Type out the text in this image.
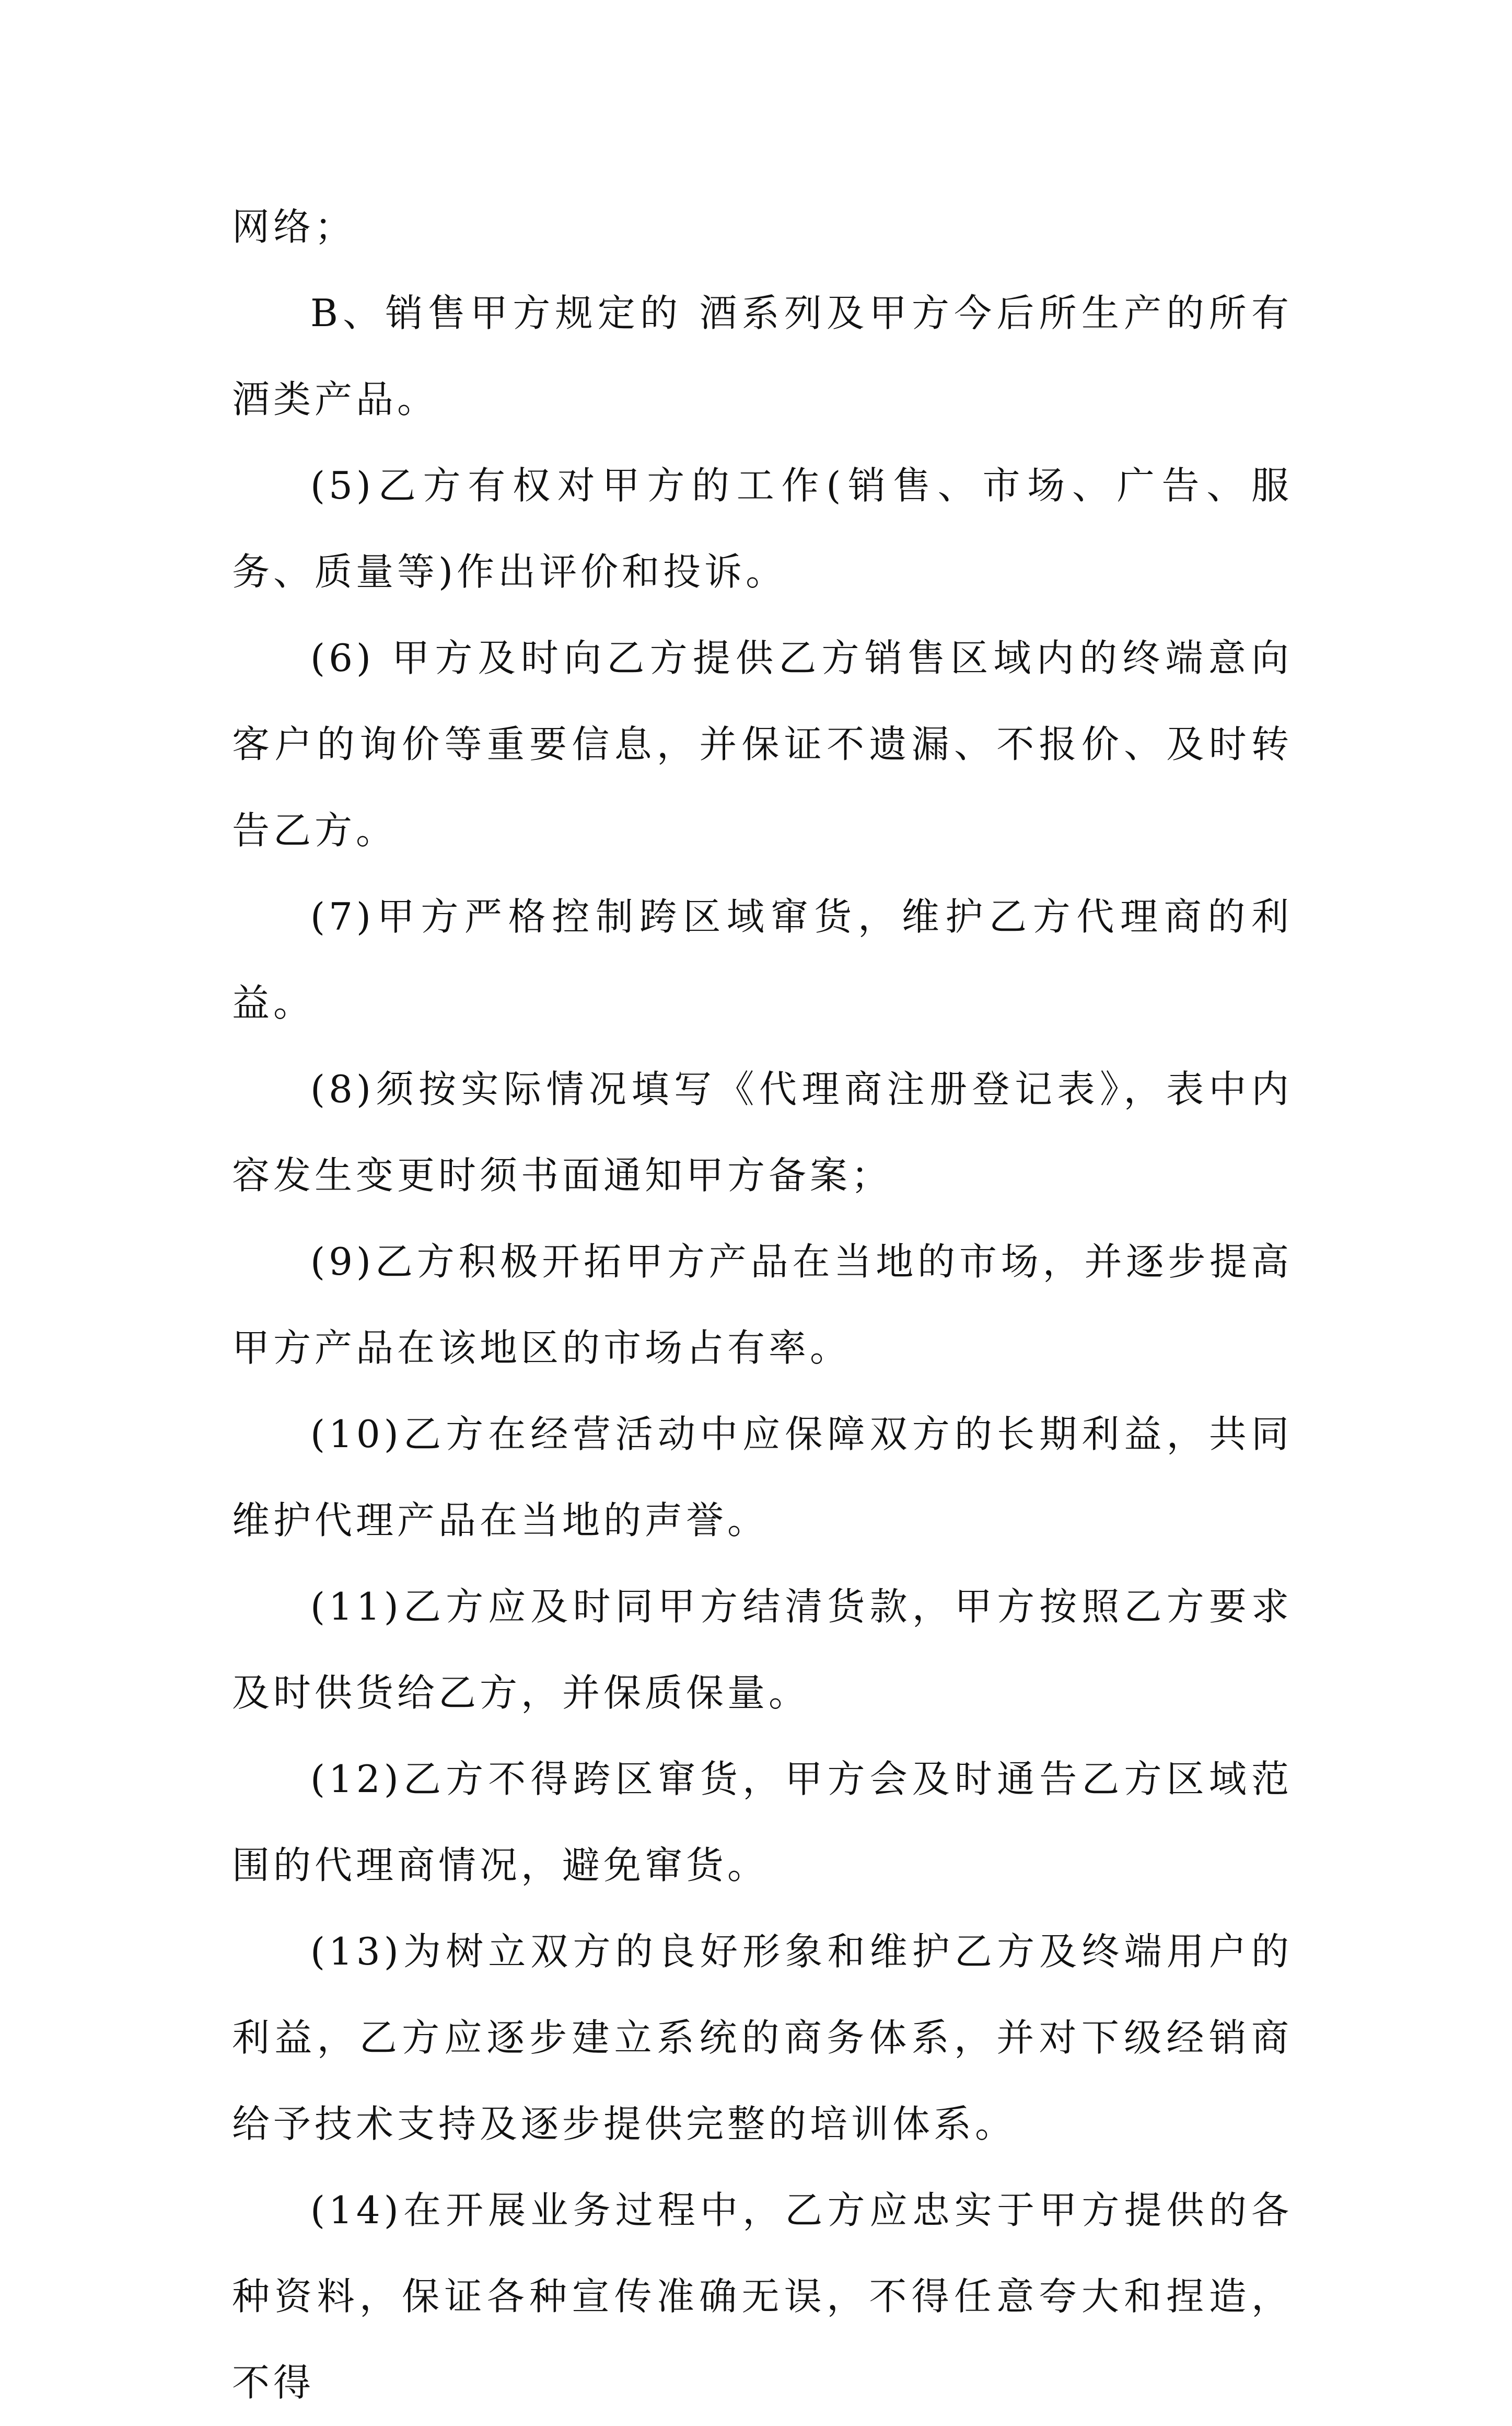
网络；

B、销售甲方规定的 酒系列及甲方今后所生产的所有酒类产品。

(5)乙方有权对甲方的工作(销售、市场、广告、服务、质量等)作出评价和投诉。

(6) 甲方及时向乙方提供乙方销售区域内的终端意向客户的询价等重要信息，并保证不遗漏、不报价、及时转告乙方。

(7)甲方严格控制跨区域窜货，维护乙方代理商的利益。

(8)须按实际情况填写《代理商注册登记表》，表中内容发生变更时须书面通知甲方备案；

(9)乙方积极开拓甲方产品在当地的市场，并逐步提高甲方产品在该地区的市场占有率。

(10)乙方在经营活动中应保障双方的长期利益，共同维护代理产品在当地的声誉。

(11)乙方应及时同甲方结清货款，甲方按照乙方要求及时供货给乙方，并保质保量。

(12)乙方不得跨区窜货，甲方会及时通告乙方区域范围的代理商情况，避免窜货。

(13)为树立双方的良好形象和维护乙方及终端用户的利益，乙方应逐步建立系统的商务体系，并对下级经销商给予技术支持及逐步提供完整的培训体系。

(14)在开展业务过程中，乙方应忠实于甲方提供的各种资料，保证各种宣传准确无误，不得任意夸大和捏造，不得
